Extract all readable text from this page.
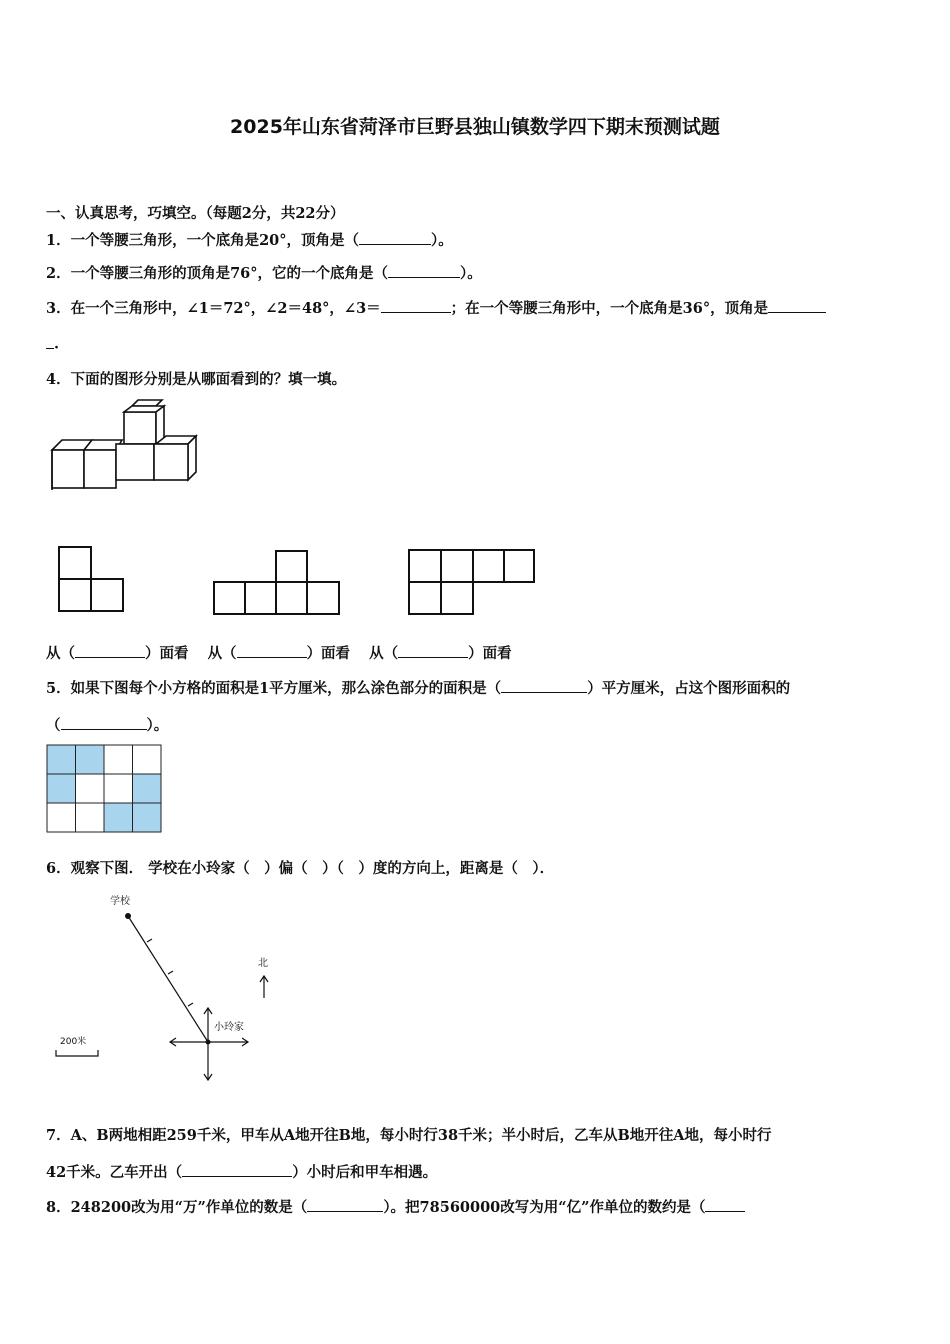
2025年山东省菏泽市巨野县独山镇数学四下期末预测试题
一、认真思考，巧填空。（每题2分，共22分）
1．一个等腰三角形，一个底角是20°，顶角是（	）。
2．一个等腰三角形的顶角是76°，它的一个底角是（	）。
3．在一个三角形中，∠1＝72°，∠2＝48°，∠3＝	；在一个等腰三角形中，一个底角是36°，顶角是
.
4．下面的图形分别是从哪面看到的？填一填。
从（	）面看 从（	）面看 从（	）面看
5．如果下图每个小方格的面积是1平方厘米，那么涂色部分的面积是（	）平方厘米，占这个图形面积的
（	）。
6．观察下图． 学校在小玲家（　）偏（　）（　）度的方向上，距离是（　）．
学校
北
小玲家
200米
7．A、B两地相距259千米，甲车从A地开往B地，每小时行38千米；半小时后，乙车从B地开往A地，每小时行
42千米。乙车开出（	）小时后和甲车相遇。
8．248200改为用“万”作单位的数是（	）。把78560000改写为用“亿”作单位的数约是（
